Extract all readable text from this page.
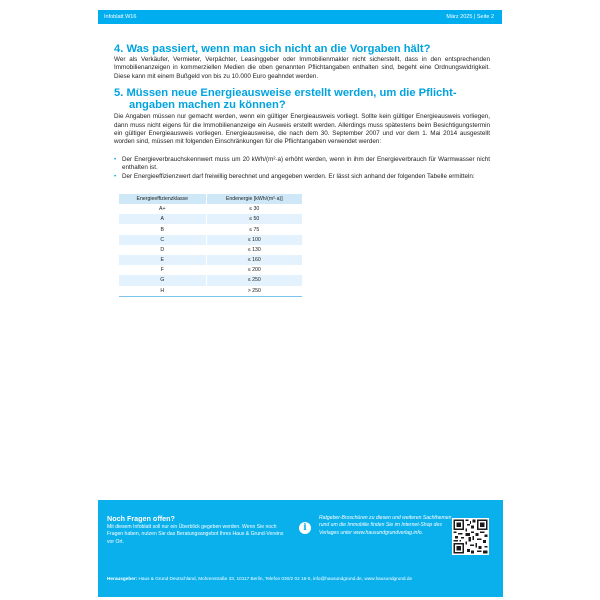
Infoblatt W16	März 2025 | Seite 2
4. Was passiert, wenn man sich nicht an die Vorgaben hält?

Wer als Verkäufer, Vermieter, Verpächter, Leasinggeber oder Immobilienmakler nicht sicherstellt, dass in den entsprechenden Immobilienanzeigen in kommerziellen Medien die oben genannten Pflichtangaben enthalten sind, begeht eine Ordnungswidrigkeit. Diese kann mit einem Bußgeld von bis zu 10.000 Euro geahndet werden.

5. Müssen neue Energieausweise erstellt werden, um die Pflicht-
angaben machen zu können?

Die Angaben müssen nur gemacht werden, wenn ein gültiger Energieausweis vorliegt. Sollte kein gültiger Energieausweis vorliegen, dann muss nicht eigens für die Immobilienanzeige ein Ausweis erstellt werden. Allerdings muss spätestens beim Besichtigungstermin ein gültiger Energieausweis vorliegen. Energieausweise, die nach dem 30. September 2007 und vor dem 1. Mai 2014 ausgestellt worden sind, müssen mit folgenden Einschränkungen für die Pflichtangaben verwendet werden:

• Der Energieverbrauchskennwert muss um 20 kWh/(m²·a) erhöht werden, wenn in ihm der Energieverbrauch für Warmwasser nicht enthalten ist.
• Der Energieeffizienzwert darf freiwillig berechnet und angegeben werden. Er lässt sich anhand der folgenden Tabelle ermitteln:
Energieeffizienzklasse	Endenergie [kWh/(m²·a)]
A+	≤ 30
A	≤ 50
B	≤ 75
C	≤ 100
D	≤ 130
E	≤ 160
F	≤ 200
G	≤ 250
H	> 250
Noch Fragen offen?
Mit diesem Infoblatt soll nur ein Überblick gegeben werden. Wenn Sie noch Fragen haben, nutzen Sie das Beratungsangebot Ihres Haus & Grund-Vereins vor Ort.
i
Ratgeber-Broschüren zu diesen und weiteren Sachthemen rund um die Immobilie finden Sie im Internet-Shop des Verlages unter www.hausundgrundverlag.info.
Herausgeber: Haus & Grund Deutschland, Mohrenstraße 33, 10117 Berlin, Telefon 030/2 02 16-0, info@hausundgrund.de, www.hausundgrund.de
